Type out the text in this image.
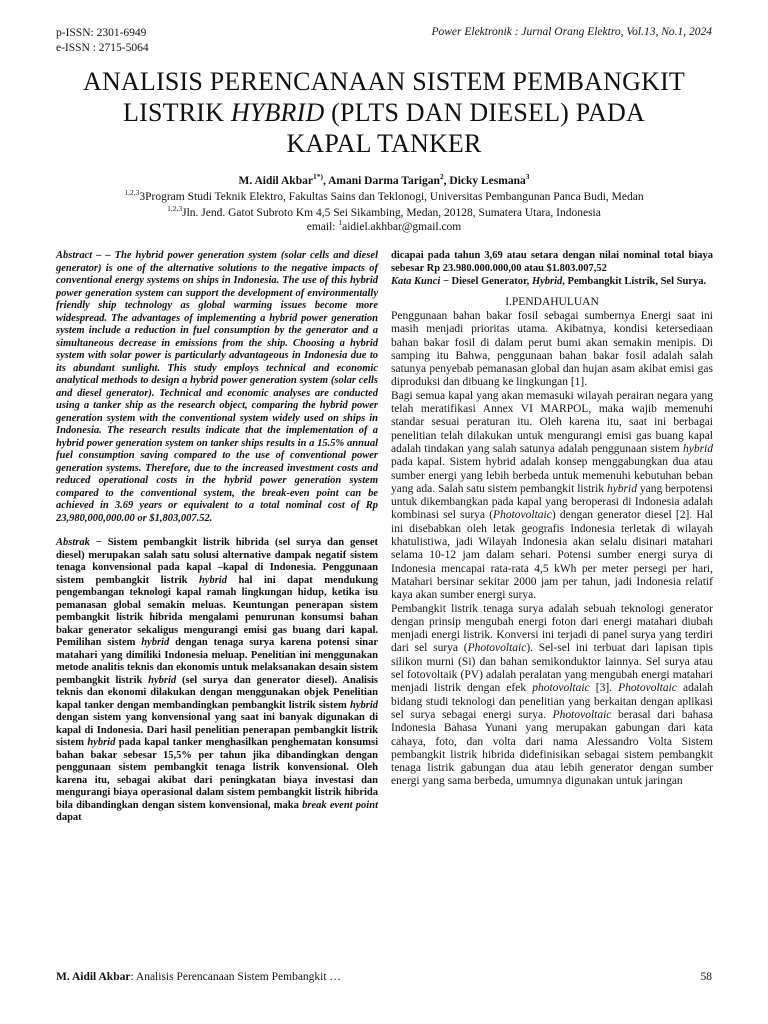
p-ISSN: 2301-6949
e-ISSN : 2715-5064
Power Elektronik : Jurnal Orang Elektro, Vol.13, No.1, 2024
ANALISIS PERENCANAAN SISTEM PEMBANGKIT
LISTRIK HYBRID (PLTS DAN DIESEL) PADA
KAPAL TANKER
M. Aidil Akbar$^{1*)}$, Amani Darma Tarigan$^2$, Dicky Lesmana$^3$
$^{1,2,3}$3Program Studi Teknik Elektro, Fakultas Sains dan Teklonogi, Universitas Pembangunan Panca Budi, Medan
$^{1,2,3}$Jln. Jend. Gatot Subroto Km 4,5 Sei Sikambing, Medan, 20128, Sumatera Utara, Indonesia
email: $^1$aidiel.akhbar@gmail.com
Abstract – – The hybrid power generation system (solar cells and diesel generator) is one of the alternative solutions to the negative impacts of conventional energy systems on ships in Indonesia. The use of this hybrid power generation system can support the development of environmentally friendly ship technology as global warming issues become more widespread. The advantages of implementing a hybrid power generation system include a reduction in fuel consumption by the generator and a simultaneous decrease in emissions from the ship. Choosing a hybrid system with solar power is particularly advantageous in Indonesia due to its abundant sunlight. This study employs technical and economic analytical methods to design a hybrid power generation system (solar cells and diesel generator). Technical and economic analyses are conducted using a tanker ship as the research object, comparing the hybrid power generation system with the conventional system widely used on ships in Indonesia. The research results indicate that the implementation of a hybrid power generation system on tanker ships results in a 15.5% annual fuel consumption saving compared to the use of conventional power generation systems. Therefore, due to the increased investment costs and reduced operational costs in the hybrid power generation system compared to the conventional system, the break-even point can be achieved in 3.69 years or equivalent to a total nominal cost of Rp 23,980,000,000.00 or $1,803,007.52.
Abstrak − Sistem pembangkit listrik hibrida (sel surya dan genset diesel) merupakan salah satu solusi alternative dampak negatif sistem tenaga konvensional pada kapal –kapal di Indonesia. Penggunaan sistem pembangkit listrik hybrid hal ini dapat mendukung pengembangan teknologi kapal ramah lingkungan hidup, ketika isu pemanasan global semakin meluas. Keuntungan penerapan sistem pembangkit listrik hibrida mengalami penurunan konsumsi bahan bakar generator sekaligus mengurangi emisi gas buang dari kapal. Pemilihan sistem hybrid dengan tenaga surya karena potensi sinar matahari yang dimiliki Indonesia meluap. Penelitian ini menggunakan metode analitis teknis dan ekonomis untuk melaksanakan desain sistem pembangkit listrik hybrid (sel surya dan generator diesel). Analisis teknis dan ekonomi dilakukan dengan menggunakan objek Penelitian kapal tanker dengan membandingkan pembangkit listrik sistem hybrid dengan sistem yang konvensional yang saat ini banyak digunakan di kapal di Indonesia. Dari hasil penelitian penerapan pembangkit listrik sistem hybrid pada kapal tanker menghasilkan penghematan konsumsi bahan bakar sebesar 15,5% per tahun jika dibandingkan dengan penggunaan sistem pembangkit tenaga listrik konvensional. Oleh karena itu, sebagai akibat dari peningkatan biaya investasi dan mengurangi biaya operasional dalam sistem pembangkit listrik hibrida bila dibandingkan dengan sistem konvensional, maka break event point dapat
dicapai pada tahun 3,69 atau setara dengan nilai nominal total biaya sebesar Rp 23.980.000.000,00 atau $1.803.007,52
Kata Kunci − Diesel Generator, Hybrid, Pembangkit Listrik, Sel Surya.
I.PENDAHULUAN

Penggunaan bahan bakar fosil sebagai sumbernya Energi saat ini masih menjadi prioritas utama. Akibatnya, kondisi ketersediaan bahan bakar fosil di dalam perut bumi akan semakin menipis. Di samping itu Bahwa, penggunaan bahan bakar fosil adalah salah satunya penyebab pemanasan global dan hujan asam akibat emisi gas diproduksi dan dibuang ke lingkungan [1].

Bagi semua kapal yang akan memasuki wilayah perairan negara yang telah meratifikasi Annex VI MARPOL, maka wajib memenuhi standar sesuai peraturan itu. Oleh karena itu, saat ini berbagai penelitian telah dilakukan untuk mengurangi emisi gas buang kapal adalah tindakan yang salah satunya adalah penggunaan sistem hybrid pada kapal. Sistem hybrid adalah konsep menggabungkan dua atau sumber energi yang lebih berbeda untuk memenuhi kebutuhan beban yang ada. Salah satu sistem pembangkit listrik hybrid yang berpotensi untuk dikembangkan pada kapal yang beroperasi di Indonesia adalah kombinasi sel surya (Photovoltaic) dengan generator diesel [2]. Hal ini disebabkan oleh letak geografis Indonesia terletak di wilayah khatulistiwa, jadi Wilayah Indonesia akan selalu disinari matahari selama 10-12 jam dalam sehari. Potensi sumber energi surya di Indonesia mencapai rata-rata 4,5 kWh per meter persegi per hari, Matahari bersinar sekitar 2000 jam per tahun, jadi Indonesia relatif kaya akan sumber energi surya.

Pembangkit listrik tenaga surya adalah sebuah teknologi generator dengan prinsip mengubah energi foton dari energi matahari diubah menjadi energi listrik. Konversi ini terjadi di panel surya yang terdiri dari sel surya (Photovoltaic). Sel-sel ini terbuat dari lapisan tipis silikon murni (Si) dan bahan semikonduktor lainnya. Sel surya atau sel fotovoltaik (PV) adalah peralatan yang mengubah energi matahari menjadi listrik dengan efek photovoltaic [3]. Photovoltaic adalah bidang studi teknologi dan penelitian yang berkaitan dengan aplikasi sel surya sebagai energi surya. Photovoltaic berasal dari bahasa Indonesia Bahasa Yunani yang merupakan gabungan dari kata cahaya, foto, dan volta dari nama Alessandro Volta Sistem pembangkit listrik hibrida didefinisikan sebagai sistem pembangkit tenaga listrik gabungan dua atau lebih generator dengan sumber energi yang sama berbeda, umumnya digunakan untuk jaringan

M. Aidil Akbar: Analisis Perencanaan Sistem Pembangkit …	58
